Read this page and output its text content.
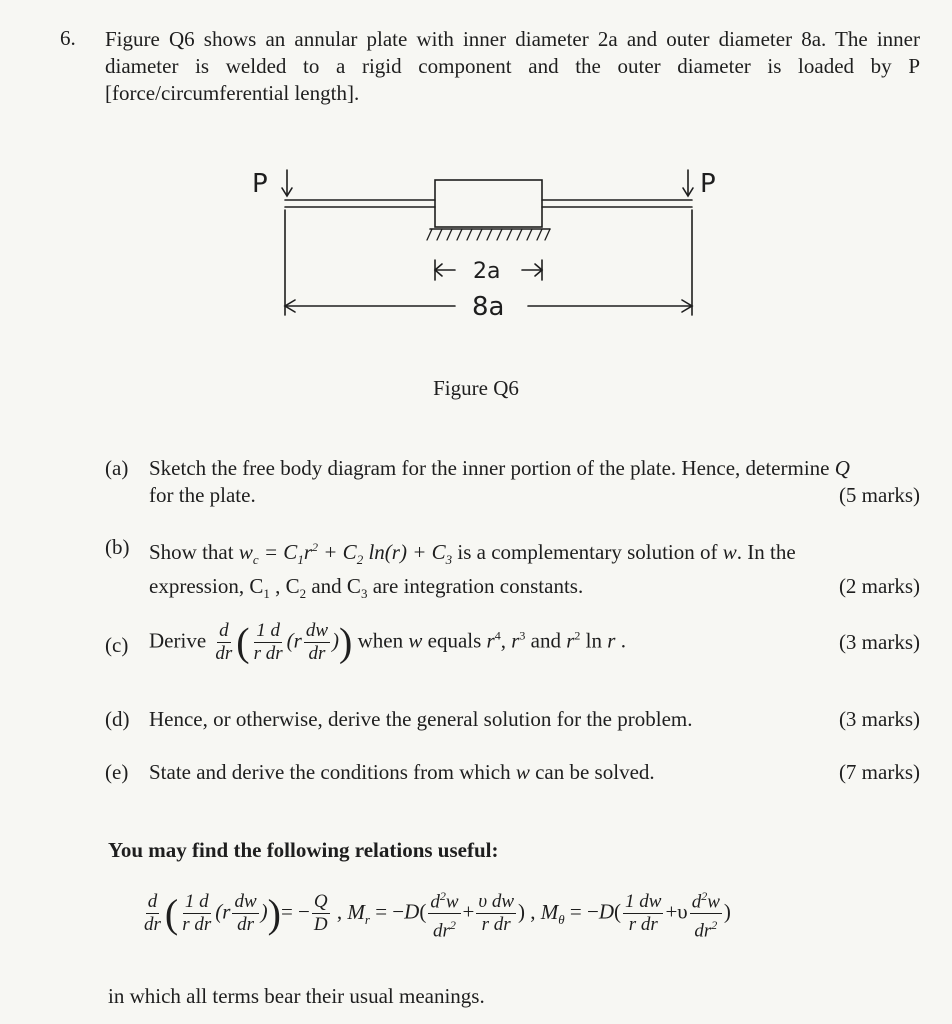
6. Figure Q6 shows an annular plate with inner diameter 2a and outer diameter 8a. The inner diameter is welded to a rigid component and the outer diameter is loaded by P [force/circumferential length].

P	P
2a
8a
Figure Q6
(a) Sketch the free body diagram for the inner portion of the plate. Hence, determine Q
for the plate.	(5 marks)
(b) Show that $w_c = C_1r^2 + C_2$ $\ln(r) + C_3$ is a complementary solution of w. In the
expression, $C_1$ , $C_2$ and $C_3$ are integration constants.	(2 marks)
(c) Derive $\frac{d}{dr}$ ( $\frac{1 d}{\text{r dr}} (r \frac{dw}{dr}$ )) when w equals $r^4$, $r^3$ and $r^2$ ln r .	(3 marks)
(d) Hence, or otherwise, derive the general solution for the problem.	(3 marks)
(e) State and derive the conditions from which w can be solved.	(7 marks)
You may find the following relations useful:
$\frac{d}{dr}$ ( $\frac{1 d}{\text{r dr}} (r \frac{dw}{dr}$ ))= − $\frac{Q}{D}$ , $M_r = -D( \frac{d^2w}{dr^2} + \frac{\text{υ dw}}{\text{r dr}}$ ) , $M_\theta = -D( \frac{1 dw}{\text{r dr}} +\upsilon \frac{d^2w}{dr^2}$ )
in which all terms bear their usual meanings.
